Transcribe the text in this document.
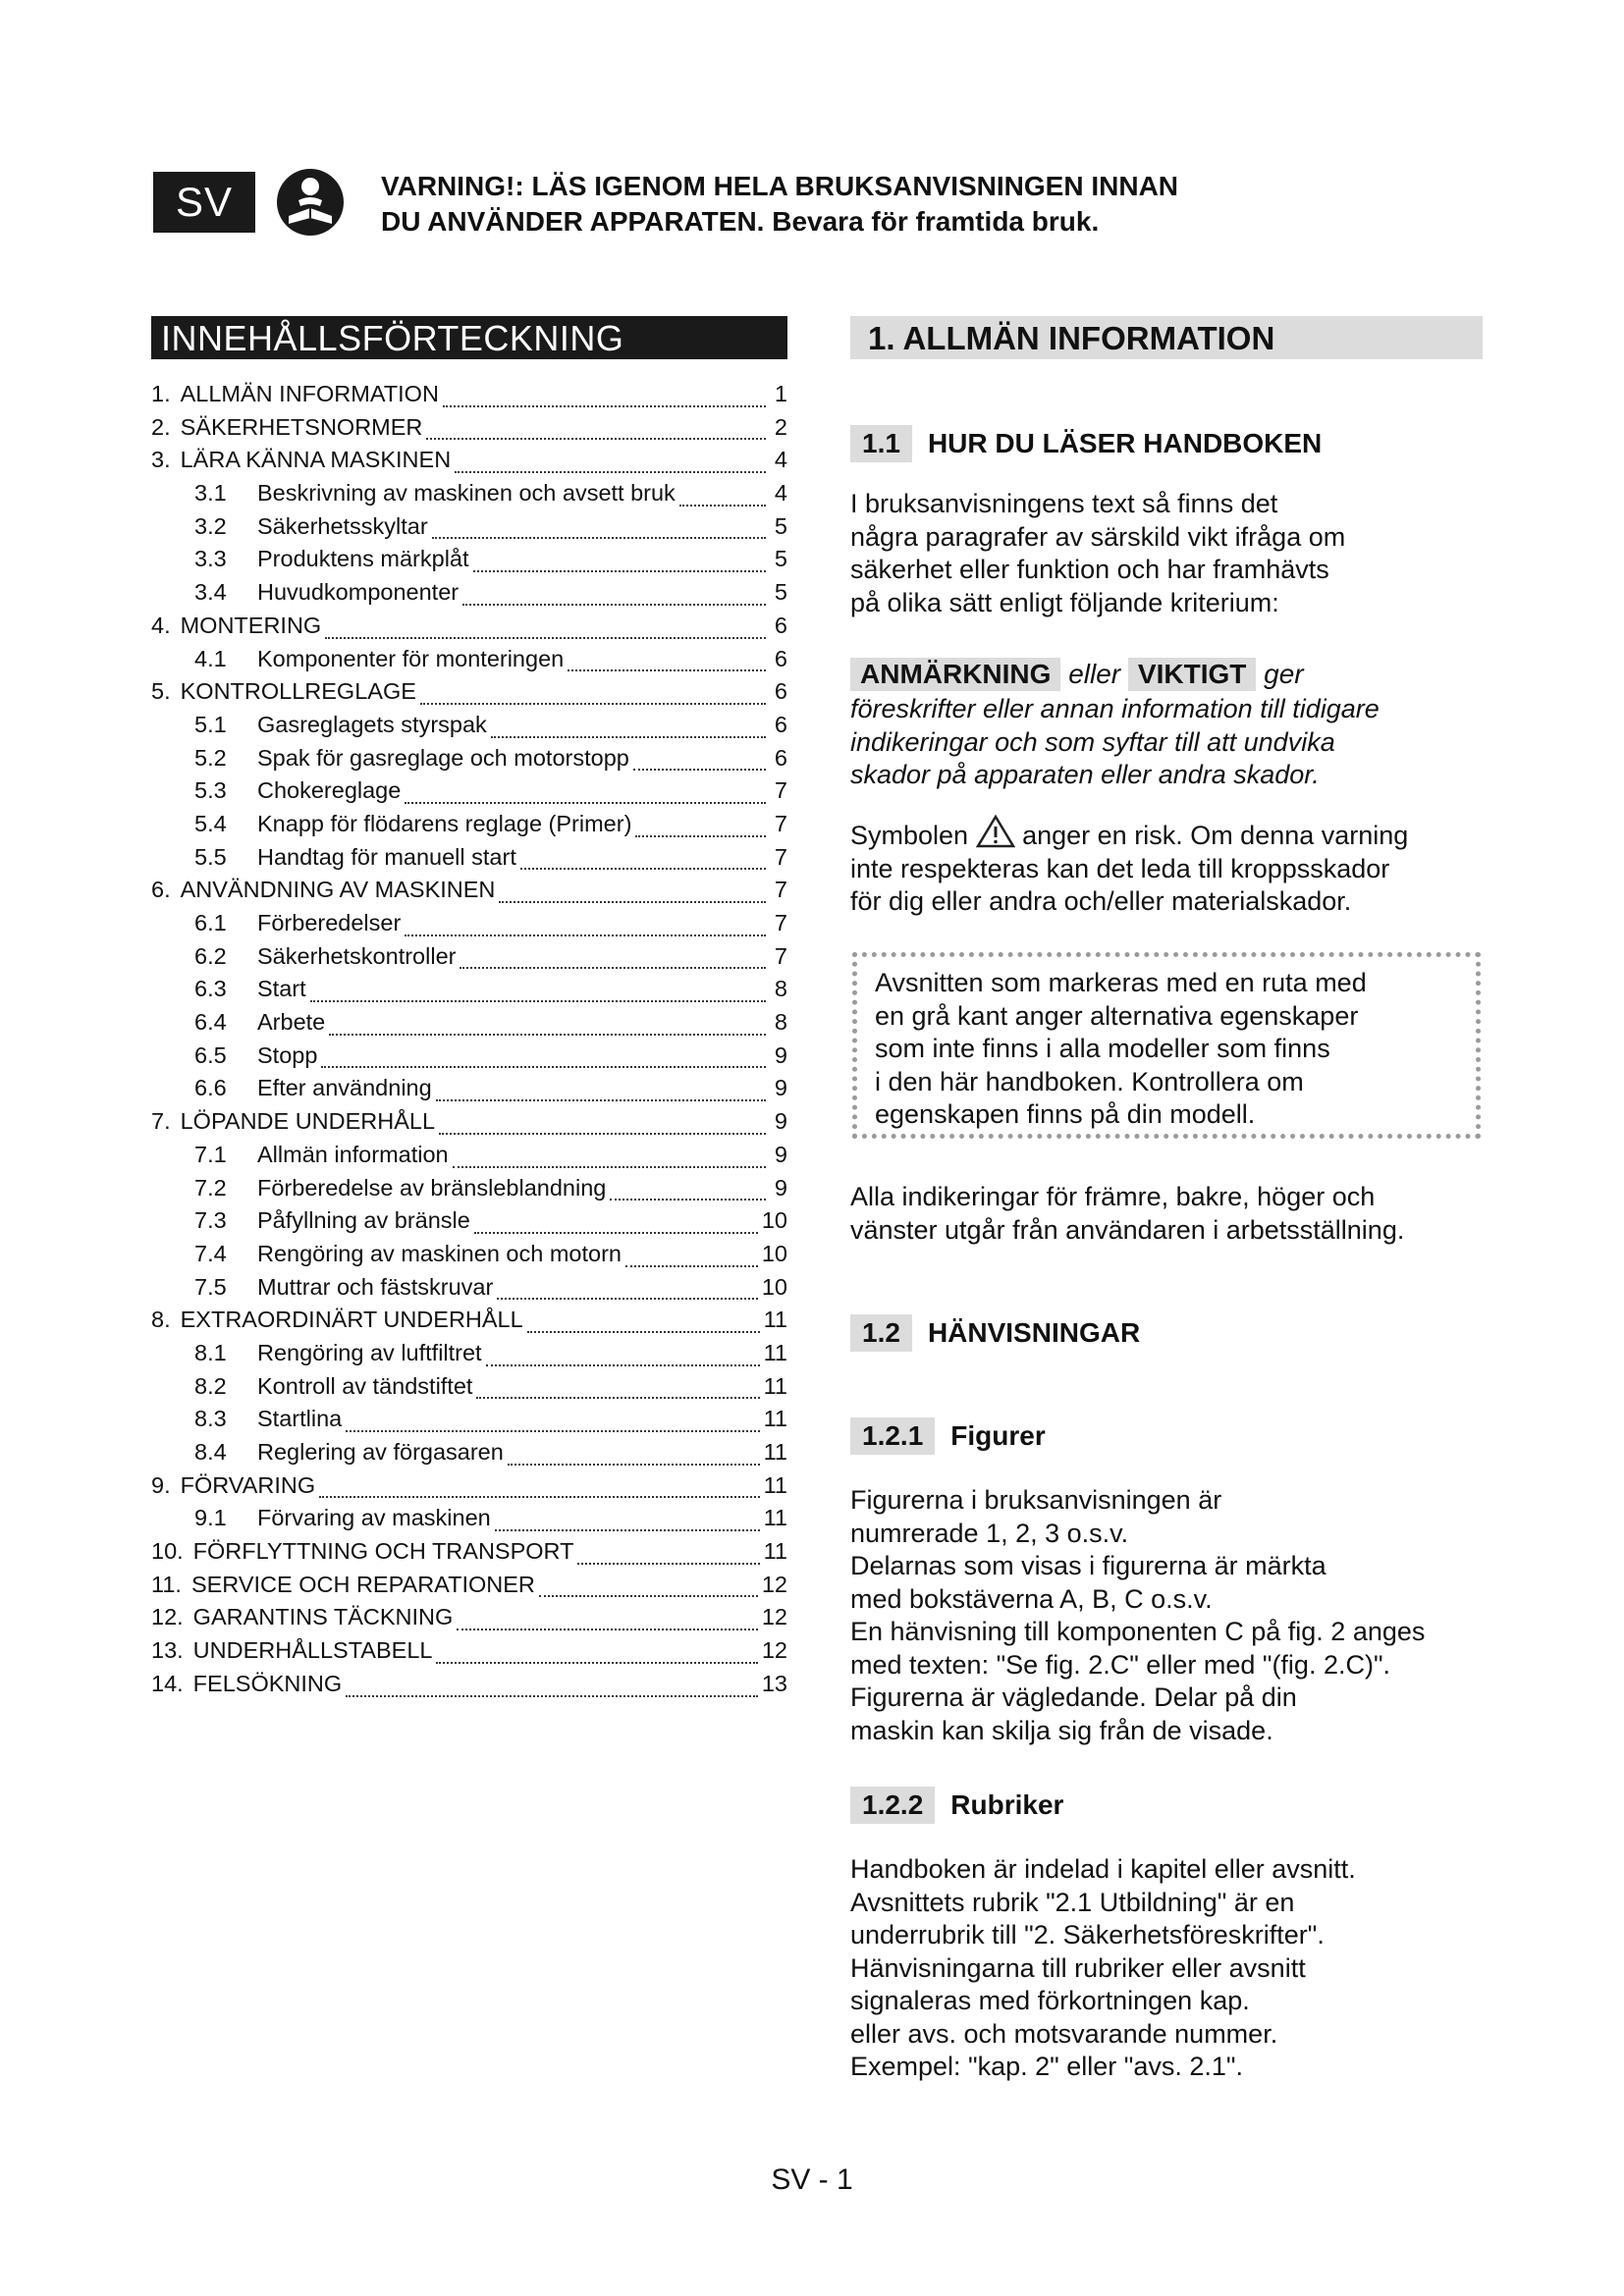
SV	VARNING!: LÄS IGENOM HELA BRUKSANVISNINGEN INNAN
DU ANVÄNDER APPARATEN. Bevara för framtida bruk.
INNEHÅLLSFÖRTECKNING
1. ALLMÄN INFORMATION	1
2. SÄKERHETSNORMER	2
3. LÄRA KÄNNA MASKINEN	4
3.1	Beskrivning av maskinen och avsett bruk	4
3.2	Säkerhetsskyltar	5
3.3	Produktens märkplåt	5
3.4	Huvudkomponenter	5
4. MONTERING	6
4.1	Komponenter för monteringen	6
5. KONTROLLREGLAGE	6
5.1	Gasreglagets styrspak	6
5.2	Spak för gasreglage och motorstopp	6
5.3	Chokereglage	7
5.4	Knapp för flödarens reglage (Primer)	7
5.5	Handtag för manuell start	7
6. ANVÄNDNING AV MASKINEN	7
6.1	Förberedelser	7
6.2	Säkerhetskontroller	7
6.3	Start	8
6.4	Arbete	8
6.5	Stopp	9
6.6	Efter användning	9
7. LÖPANDE UNDERHÅLL	9
7.1	Allmän information	9
7.2	Förberedelse av bränsleblandning	9
7.3	Påfyllning av bränsle	10
7.4	Rengöring av maskinen och motorn	10
7.5	Muttrar och fästskruvar	10
8. EXTRAORDINÄRT UNDERHÅLL	11
8.1	Rengöring av luftfiltret	11
8.2	Kontroll av tändstiftet	11
8.3	Startlina	11
8.4	Reglering av förgasaren	11
9. FÖRVARING	11
9.1	Förvaring av maskinen	11
10. FÖRFLYTTNING OCH TRANSPORT	11
11. SERVICE OCH REPARATIONER	12
12. GARANTINS TÄCKNING	12
13. UNDERHÅLLSTABELL	12
14. FELSÖKNING	13
1. ALLMÄN INFORMATION
1.1	HUR DU LÄSER HANDBOKEN
I bruksanvisningens text så finns det
några paragrafer av särskild vikt ifråga om
säkerhet eller funktion och har framhävts
på olika sätt enligt följande kriterium:
ANMÄRKNING eller VIKTIGT ger
föreskrifter eller annan information till tidigare
indikeringar och som syftar till att undvika
skador på apparaten eller andra skador.
Symbolen anger en risk. Om denna varning
inte respekteras kan det leda till kroppsskador
för dig eller andra och/eller materialskador.
Avsnitten som markeras med en ruta med
en grå kant anger alternativa egenskaper
som inte finns i alla modeller som finns
i den här handboken. Kontrollera om
egenskapen finns på din modell.
Alla indikeringar för främre, bakre, höger och
vänster utgår från användaren i arbetsställning.
1.2	HÄNVISNINGAR
1.2.1	Figurer
Figurerna i bruksanvisningen är
numrerade 1, 2, 3 o.s.v.
Delarnas som visas i figurerna är märkta
med bokstäverna A, B, C o.s.v.
En hänvisning till komponenten C på fig. 2 anges
med texten: "Se fig. 2.C" eller med "(fig. 2.C)".
Figurerna är vägledande. Delar på din
maskin kan skilja sig från de visade.
1.2.2	Rubriker
Handboken är indelad i kapitel eller avsnitt.
Avsnittets rubrik "2.1 Utbildning" är en
underrubrik till "2. Säkerhetsföreskrifter".
Hänvisningarna till rubriker eller avsnitt
signaleras med förkortningen kap.
eller avs. och motsvarande nummer.
Exempel: "kap. 2" eller "avs. 2.1".
SV - 1
